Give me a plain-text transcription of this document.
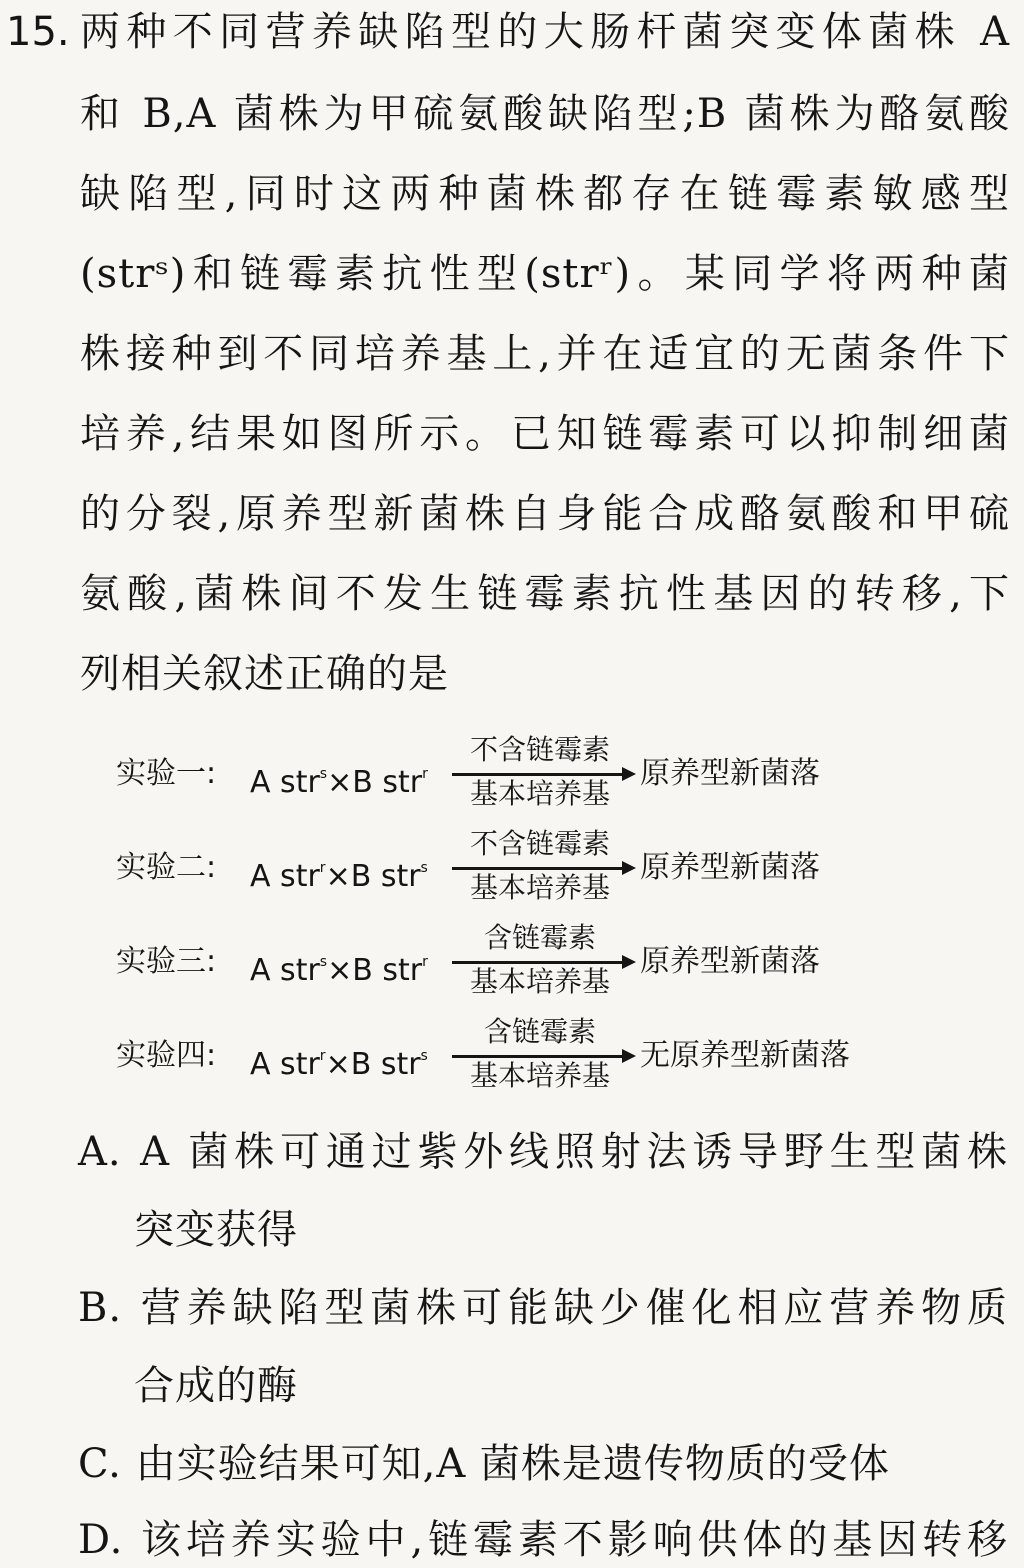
15. 两种不同营养缺陷型的大肠杆菌突变体菌株 A
和 B,A 菌株为甲硫氨酸缺陷型;B 菌株为酪氨酸
缺陷型,同时这两种菌株都存在链霉素敏感型
(strˢ)和链霉素抗性型(strʳ)。某同学将两种菌
株接种到不同培养基上,并在适宜的无菌条件下
培养,结果如图所示。已知链霉素可以抑制细菌
的分裂,原养型新菌株自身能合成酪氨酸和甲硫
氨酸,菌株间不发生链霉素抗性基因的转移,下
列相关叙述正确的是
实验一: A str$^s$×B str$^r$
不含链霉素
基本培养基
原养型新菌落
实验二: A str$^r$×B str$^s$
不含链霉素
基本培养基
原养型新菌落
实验三: A str$^s$×B str$^r$
含链霉素
基本培养基
原养型新菌落
实验四: A str$^r$×B str$^s$
含链霉素
基本培养基
无原养型新菌落
A. A 菌株可通过紫外线照射法诱导野生型菌株
突变获得
B. 营养缺陷型菌株可能缺少催化相应营养物质
合成的酶
C. 由实验结果可知,A 菌株是遗传物质的受体
D. 该培养实验中,链霉素不影响供体的基因转移
